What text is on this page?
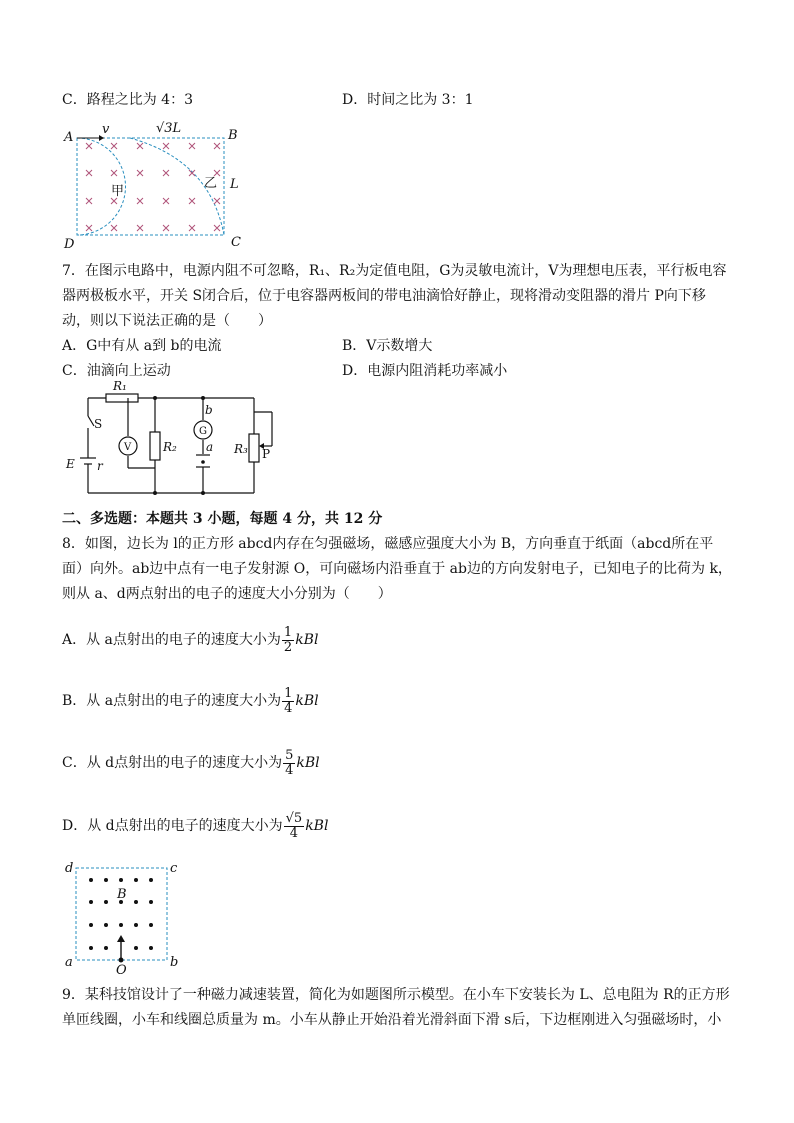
C．路程之比为 4：3	D．时间之比为 3：1
A	B
C
D
v	√3L
L
甲
乙
7．在图示电路中，电源内阻不可忽略，R₁、R₂为定值电阻，G为灵敏电流计，V为理想电压表，平行板电容
器两极板水平，开关 S闭合后，位于电容器两板间的带电油滴恰好静止，现将滑动变阻器的滑片 P向下移
动，则以下说法正确的是（　　）
A．G中有从 a到 b的电流	B．V示数增大
C．油滴向上运动	D．电源内阻消耗功率减小
S
R₁
V	R₂
b
G
a R₃ P
E r
二、多选题：本题共 3 小题，每题 4 分，共 12 分
8．如图，边长为 l的正方形 abcd内存在匀强磁场，磁感应强度大小为 B，方向垂直于纸面（abcd所在平
面）向外。ab边中点有一电子发射源 O，可向磁场内沿垂直于 ab边的方向发射电子，已知电子的比荷为 k，
则从 a、d两点射出的电子的速度大小分别为（　　）
A．从 a点射出的电子的速度大小为 $\frac{1}{2}$ kBl
B．从 a点射出的电子的速度大小为 $\frac{1}{4}$ kBl
C．从 d点射出的电子的速度大小为 $\frac{5}{4}$ kBl
D．从 d点射出的电子的速度大小为 $\frac{√5}{4}$ kBl
d	c
a	b
B
O
9．某科技馆设计了一种磁力减速装置，简化为如题图所示模型。在小车下安装长为 L、总电阻为 R的正方形
单匝线圈，小车和线圈总质量为 m。小车从静止开始沿着光滑斜面下滑 s后，下边框刚进入匀强磁场时，小
